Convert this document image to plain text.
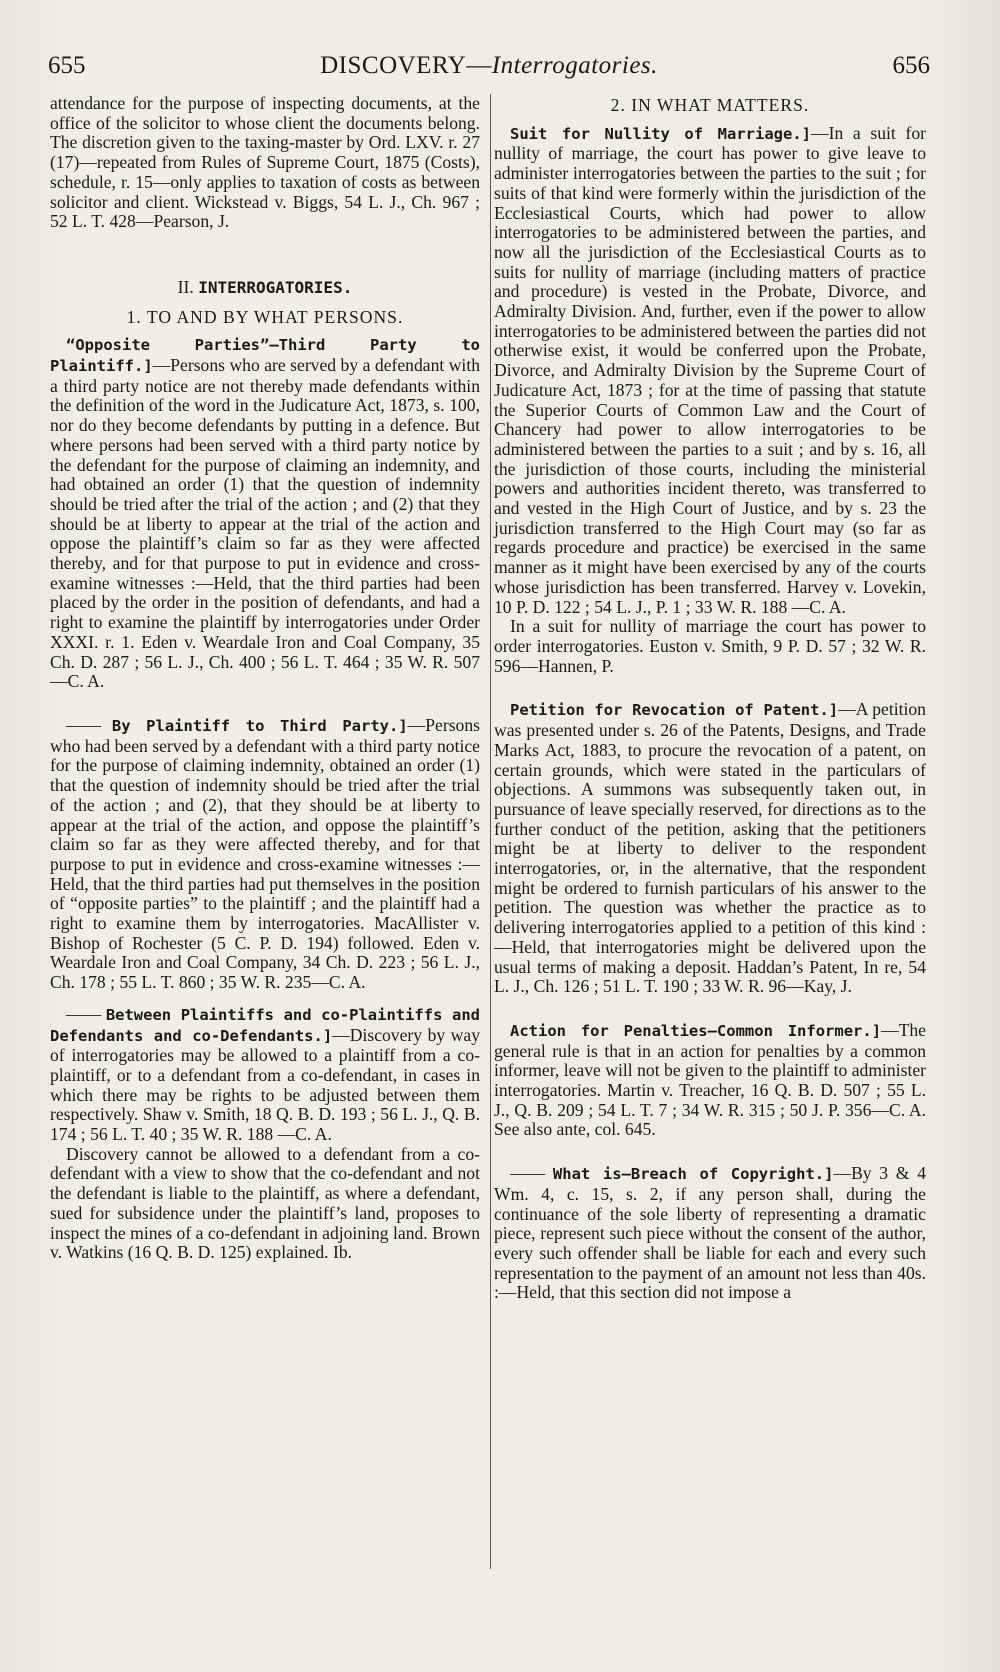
655	DISCOVERY—Interrogatories.	656

attendance for the purpose of inspecting documents, at the office of the solicitor to whose client the documents belong. The discretion given to the taxing-master by Ord. LXV. r. 27 (17)—repeated from Rules of Supreme Court, 1875 (Costs), schedule, r. 15—only applies to taxation of costs as between solicitor and client. Wickstead v. Biggs, 54 L. J., Ch. 967 ; 52 L. T. 428—Pearson, J.

II. INTERROGATORIES.
1. TO AND BY WHAT PERSONS.

“Opposite Parties”—Third Party to Plaintiff.]—Persons who are served by a defendant with a third party notice are not thereby made defendants within the definition of the word in the Judicature Act, 1873, s. 100, nor do they become defendants by putting in a defence. But where persons had been served with a third party notice by the defendant for the purpose of claiming an indemnity, and had obtained an order (1) that the question of indemnity should be tried after the trial of the action ; and (2) that they should be at liberty to appear at the trial of the action and oppose the plaintiff’s claim so far as they were affected thereby, and for that purpose to put in evidence and cross-examine witnesses :—Held, that the third parties had been placed by the order in the position of defendants, and had a right to examine the plaintiff by interrogatories under Order XXXI. r. 1. Eden v. Weardale Iron and Coal Company, 35 Ch. D. 287 ; 56 L. J., Ch. 400 ; 56 L. T. 464 ; 35 W. R. 507—C. A.

—— By Plaintiff to Third Party.]—Persons who had been served by a defendant with a third party notice for the purpose of claiming indemnity, obtained an order (1) that the question of indemnity should be tried after the trial of the action ; and (2), that they should be at liberty to appear at the trial of the action, and oppose the plaintiff’s claim so far as they were affected thereby, and for that purpose to put in evidence and cross-examine witnesses :—Held, that the third parties had put themselves in the position of “opposite parties” to the plaintiff ; and the plaintiff had a right to examine them by interrogatories. MacAllister v. Bishop of Rochester (5 C. P. D. 194) followed. Eden v. Weardale Iron and Coal Company, 34 Ch. D. 223 ; 56 L. J., Ch. 178 ; 55 L. T. 860 ; 35 W. R. 235—C. A.

—— Between Plaintiffs and co-Plaintiffs and Defendants and co-Defendants.]—Discovery by way of interrogatories may be allowed to a plaintiff from a co-plaintiff, or to a defendant from a co-defendant, in cases in which there may be rights to be adjusted between them respectively. Shaw v. Smith, 18 Q. B. D. 193 ; 56 L. J., Q. B. 174 ; 56 L. T. 40 ; 35 W. R. 188 —C. A.

Discovery cannot be allowed to a defendant from a co-defendant with a view to show that the co-defendant and not the defendant is liable to the plaintiff, as where a defendant, sued for subsidence under the plaintiff’s land, proposes to inspect the mines of a co-defendant in adjoining land. Brown v. Watkins (16 Q. B. D. 125) explained. Ib.

2. IN WHAT MATTERS.

Suit for Nullity of Marriage.]—In a suit for nullity of marriage, the court has power to give leave to administer interrogatories between the parties to the suit ; for suits of that kind were formerly within the jurisdiction of the Ecclesiastical Courts, which had power to allow interrogatories to be administered between the parties, and now all the jurisdiction of the Ecclesiastical Courts as to suits for nullity of marriage (including matters of practice and procedure) is vested in the Probate, Divorce, and Admiralty Division. And, further, even if the power to allow interrogatories to be administered between the parties did not otherwise exist, it would be conferred upon the Probate, Divorce, and Admiralty Division by the Supreme Court of Judicature Act, 1873 ; for at the time of passing that statute the Superior Courts of Common Law and the Court of Chancery had power to allow interrogatories to be administered between the parties to a suit ; and by s. 16, all the jurisdiction of those courts, including the ministerial powers and authorities incident thereto, was transferred to and vested in the High Court of Justice, and by s. 23 the jurisdiction transferred to the High Court may (so far as regards procedure and practice) be exercised in the same manner as it might have been exercised by any of the courts whose jurisdiction has been transferred. Harvey v. Lovekin, 10 P. D. 122 ; 54 L. J., P. 1 ; 33 W. R. 188 —C. A.

In a suit for nullity of marriage the court has power to order interrogatories. Euston v. Smith, 9 P. D. 57 ; 32 W. R. 596—Hannen, P.

Petition for Revocation of Patent.]—A petition was presented under s. 26 of the Patents, Designs, and Trade Marks Act, 1883, to procure the revocation of a patent, on certain grounds, which were stated in the particulars of objections. A summons was subsequently taken out, in pursuance of leave specially reserved, for directions as to the further conduct of the petition, asking that the petitioners might be at liberty to deliver to the respondent interrogatories, or, in the alternative, that the respondent might be ordered to furnish particulars of his answer to the petition. The question was whether the practice as to delivering interrogatories applied to a petition of this kind :—Held, that interrogatories might be delivered upon the usual terms of making a deposit. Haddan’s Patent, In re, 54 L. J., Ch. 126 ; 51 L. T. 190 ; 33 W. R. 96—Kay, J.

Action for Penalties—Common Informer.]—The general rule is that in an action for penalties by a common informer, leave will not be given to the plaintiff to administer interrogatories. Martin v. Treacher, 16 Q. B. D. 507 ; 55 L. J., Q. B. 209 ; 54 L. T. 7 ; 34 W. R. 315 ; 50 J. P. 356—C. A. See also ante, col. 645.

—— What is—Breach of Copyright.]—By 3 & 4 Wm. 4, c. 15, s. 2, if any person shall, during the continuance of the sole liberty of representing a dramatic piece, represent such piece without the consent of the author, every such offender shall be liable for each and every such representation to the payment of an amount not less than 40s. :—Held, that this section did not impose a
